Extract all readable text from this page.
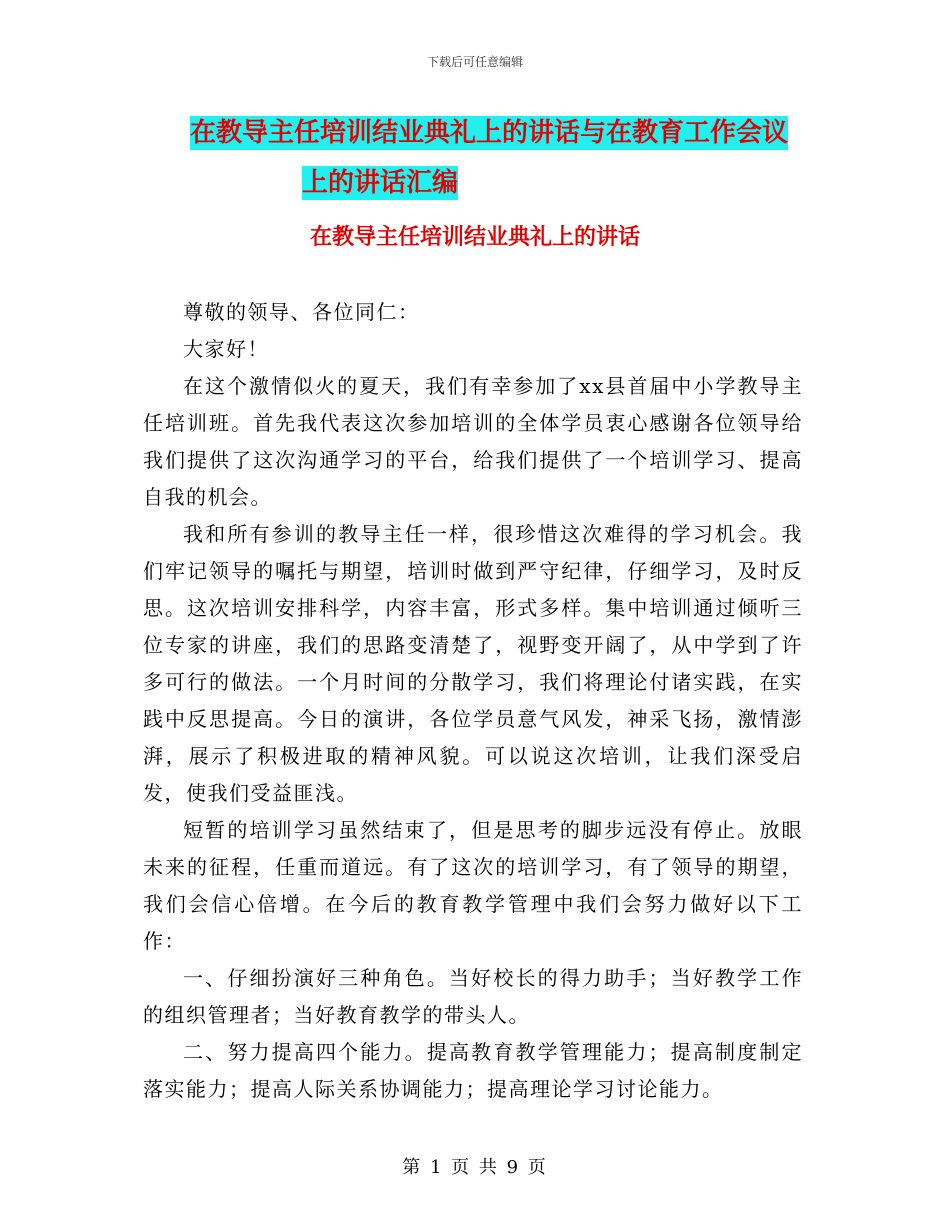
下载后可任意编辑
在教导主任培训结业典礼上的讲话与在教育工作会议
上的讲话汇编
在教导主任培训结业典礼上的讲话

尊敬的领导、各位同仁：

大家好！

在这个激情似火的夏天，我们有幸参加了xx县首届中小学教导主任培训班。首先我代表这次参加培训的全体学员衷心感谢各位领导给我们提供了这次沟通学习的平台，给我们提供了一个培训学习、提高自我的机会。

我和所有参训的教导主任一样，很珍惜这次难得的学习机会。我们牢记领导的嘱托与期望，培训时做到严守纪律，仔细学习，及时反思。这次培训安排科学，内容丰富，形式多样。集中培训通过倾听三位专家的讲座，我们的思路变清楚了，视野变开阔了，从中学到了许多可行的做法。一个月时间的分散学习，我们将理论付诸实践，在实践中反思提高。今日的演讲，各位学员意气风发，神采飞扬，激情澎湃，展示了积极进取的精神风貌。可以说这次培训，让我们深受启发，使我们受益匪浅。

短暂的培训学习虽然结束了，但是思考的脚步远没有停止。放眼未来的征程，任重而道远。有了这次的培训学习，有了领导的期望，我们会信心倍增。在今后的教育教学管理中我们会努力做好以下工作：

一、仔细扮演好三种角色。当好校长的得力助手；当好教学工作的组织管理者；当好教育教学的带头人。

二、努力提高四个能力。提高教育教学管理能力；提高制度制定落实能力；提高人际关系协调能力；提高理论学习讨论能力。

第 1 页 共 9 页
